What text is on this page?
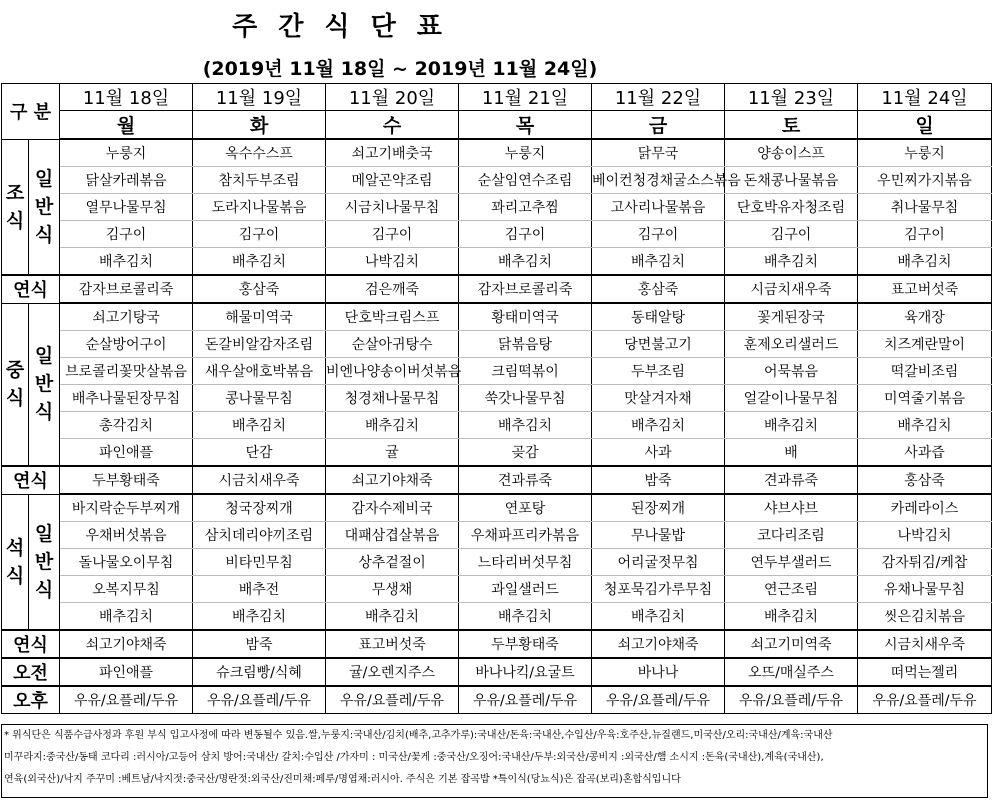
주 간 식 단 표
(2019년 11월 18일 ~ 2019년 11월 24일)
구 분		11월 18일	11월 19일	11월 20일	11월 21일	11월 22일	11월 23일	11월 24일
		월	화	수	목	금	토	일
조
식	일
반
식	누룽지	옥수수스프	쇠고기배춧국	누룽지	닭무국	양송이스프	누룽지
		닭살카레볶음	참치두부조림	메알곤약조림	순살임연수조림	베이컨청경채굴소스볶음	돈채콩나물볶음	우민찌가지볶음
		열무나물무침	도라지나물볶음	시금치나물무침	꽈리고추찜	고사리나물볶음	단호박유자청조림	취나물무침
		김구이	김구이	김구이	김구이	김구이	김구이	김구이
		배추김치	배추김치	나박김치	배추김치	배추김치	배추김치	배추김치
연식		감자브로콜리죽	홍삼죽	검은깨죽	감자브로콜리죽	홍삼죽	시금치새우죽	표고버섯죽
중
식	일
반
식	쇠고기탕국	해물미역국	단호박크림스프	황태미역국	동태알탕	꽃게된장국	육개장
		순살방어구이	돈갈비알감자조림	순살아귀탕수	닭볶음탕	당면불고기	훈제오리샐러드	치즈계란말이
		브로콜리꽃맛살볶음	새우살애호박볶음	비엔나양송이버섯볶음	크림떡볶이	두부조림	어묵볶음	떡갈비조림
		배추나물된장무침	콩나물무침	청경채나물무침	쑥갓나물무침	맛살겨자채	얼갈이나물무침	미역줄기볶음
		총각김치	배추김치	배추김치	배추김치	배추김치	배추김치	배추김치
		파인애플	단감	귤	곶감	사과	배	사과즙
연식		두부황태죽	시금치새우죽	쇠고기야채죽	견과류죽	밤죽	견과류죽	홍삼죽
석
식	일
반
식	바지락순두부찌개	청국장찌개	감자수제비국	연포탕	된장찌개	샤브샤브	카레라이스
		우채버섯볶음	삼치데리야끼조림	대패삼겹살볶음	우채파프리카볶음	무나물밥	코다리조림	나박김치
		돌나물오이무침	비타민무침	상추겉절이	느타리버섯무침	어리굴젓무침	연두부샐러드	감자튀김/케찹
		오복지무침	배추전	무생채	과일샐러드	청포묵김가루무침	연근조림	유채나물무침
		배추김치	배추김치	배추김치	배추김치	배추김치	배추김치	씻은김치볶음
연식		쇠고기야채죽	밤죽	표고버섯죽	두부황태죽	쇠고기야채죽	쇠고기미역죽	시금치새우죽
오전		파인애플	슈크림빵/식혜	귤/오렌지주스	바나나킥/요굴트	바나나	오뜨/매실주스	떠먹는젤리
오후		우유/요플레/두유	우유/요플레/두유	우유/요플레/두유	우유/요플레/두유	우유/요플레/두유	우유/요플레/두유	우유/요플레/두유
* 위식단은 식품수급사정과 후원 부식 입고사정에 따라 변동될수 있음.쌀,누룽지:국내산/김치(배추,고추가루):국내산/돈육:국내산,수입산/우육:호주산,뉴질랜드,미국산/오리:국내산/계육:국내산
미꾸라지:중국산/동태 코다리 :러시아/고등어 삼치 방어:국내산/ 갈치:수입산 /가자미 : 미국산/꽃게 :중국산/오징어:국내산/두부:외국산/콩비지 :외국산/햄 소시지 :돈육(국내산),계육(국내산),
연육(외국산)/낙지 주꾸미 :베트남/낙지젓:중국산/명란젓:외국산/진미채:페루/명엽채:러시아. 주식은 기본 잡곡밥 *특이식(당뇨식)은 잡곡(보리)혼합식입니다
